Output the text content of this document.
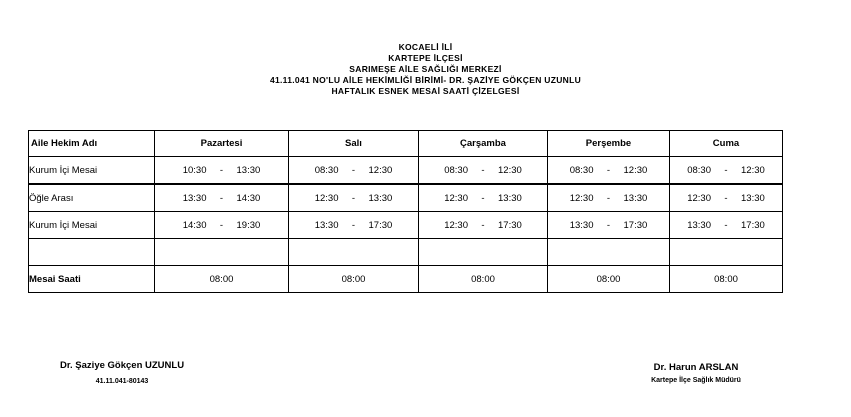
KOCAELİ İLİ
KARTEPE İLÇESİ
SARIMEŞE AİLE SAĞLIĞI MERKEZİ
41.11.041 NO'LU AİLE HEKİMLİĞİ BİRİMİ- DR. ŞAZİYE GÖKÇEN UZUNLU
HAFTALIK ESNEK MESAİ SAATİ ÇİZELGESİ
Aile Hekim Adı	Pazartesi	Salı	Çarşamba	Perşembe	Cuma
Kurum İçi Mesai	10:30 - 13:30	08:30 - 12:30	08:30 - 12:30	08:30 - 12:30	08:30 - 12:30
Öğle Arası	13:30 - 14:30	12:30 - 13:30	12:30 - 13:30	12:30 - 13:30	12:30 - 13:30
Kurum İçi Mesai	14:30 - 19:30	13:30 - 17:30	12:30 - 17:30	13:30 - 17:30	13:30 - 17:30

Mesai Saati	08:00	08:00	08:00	08:00	08:00
Dr. Şaziye Gökçen UZUNLU
41.11.041-80143
Dr. Harun ARSLAN
Kartepe İlçe Sağlık Müdürü
